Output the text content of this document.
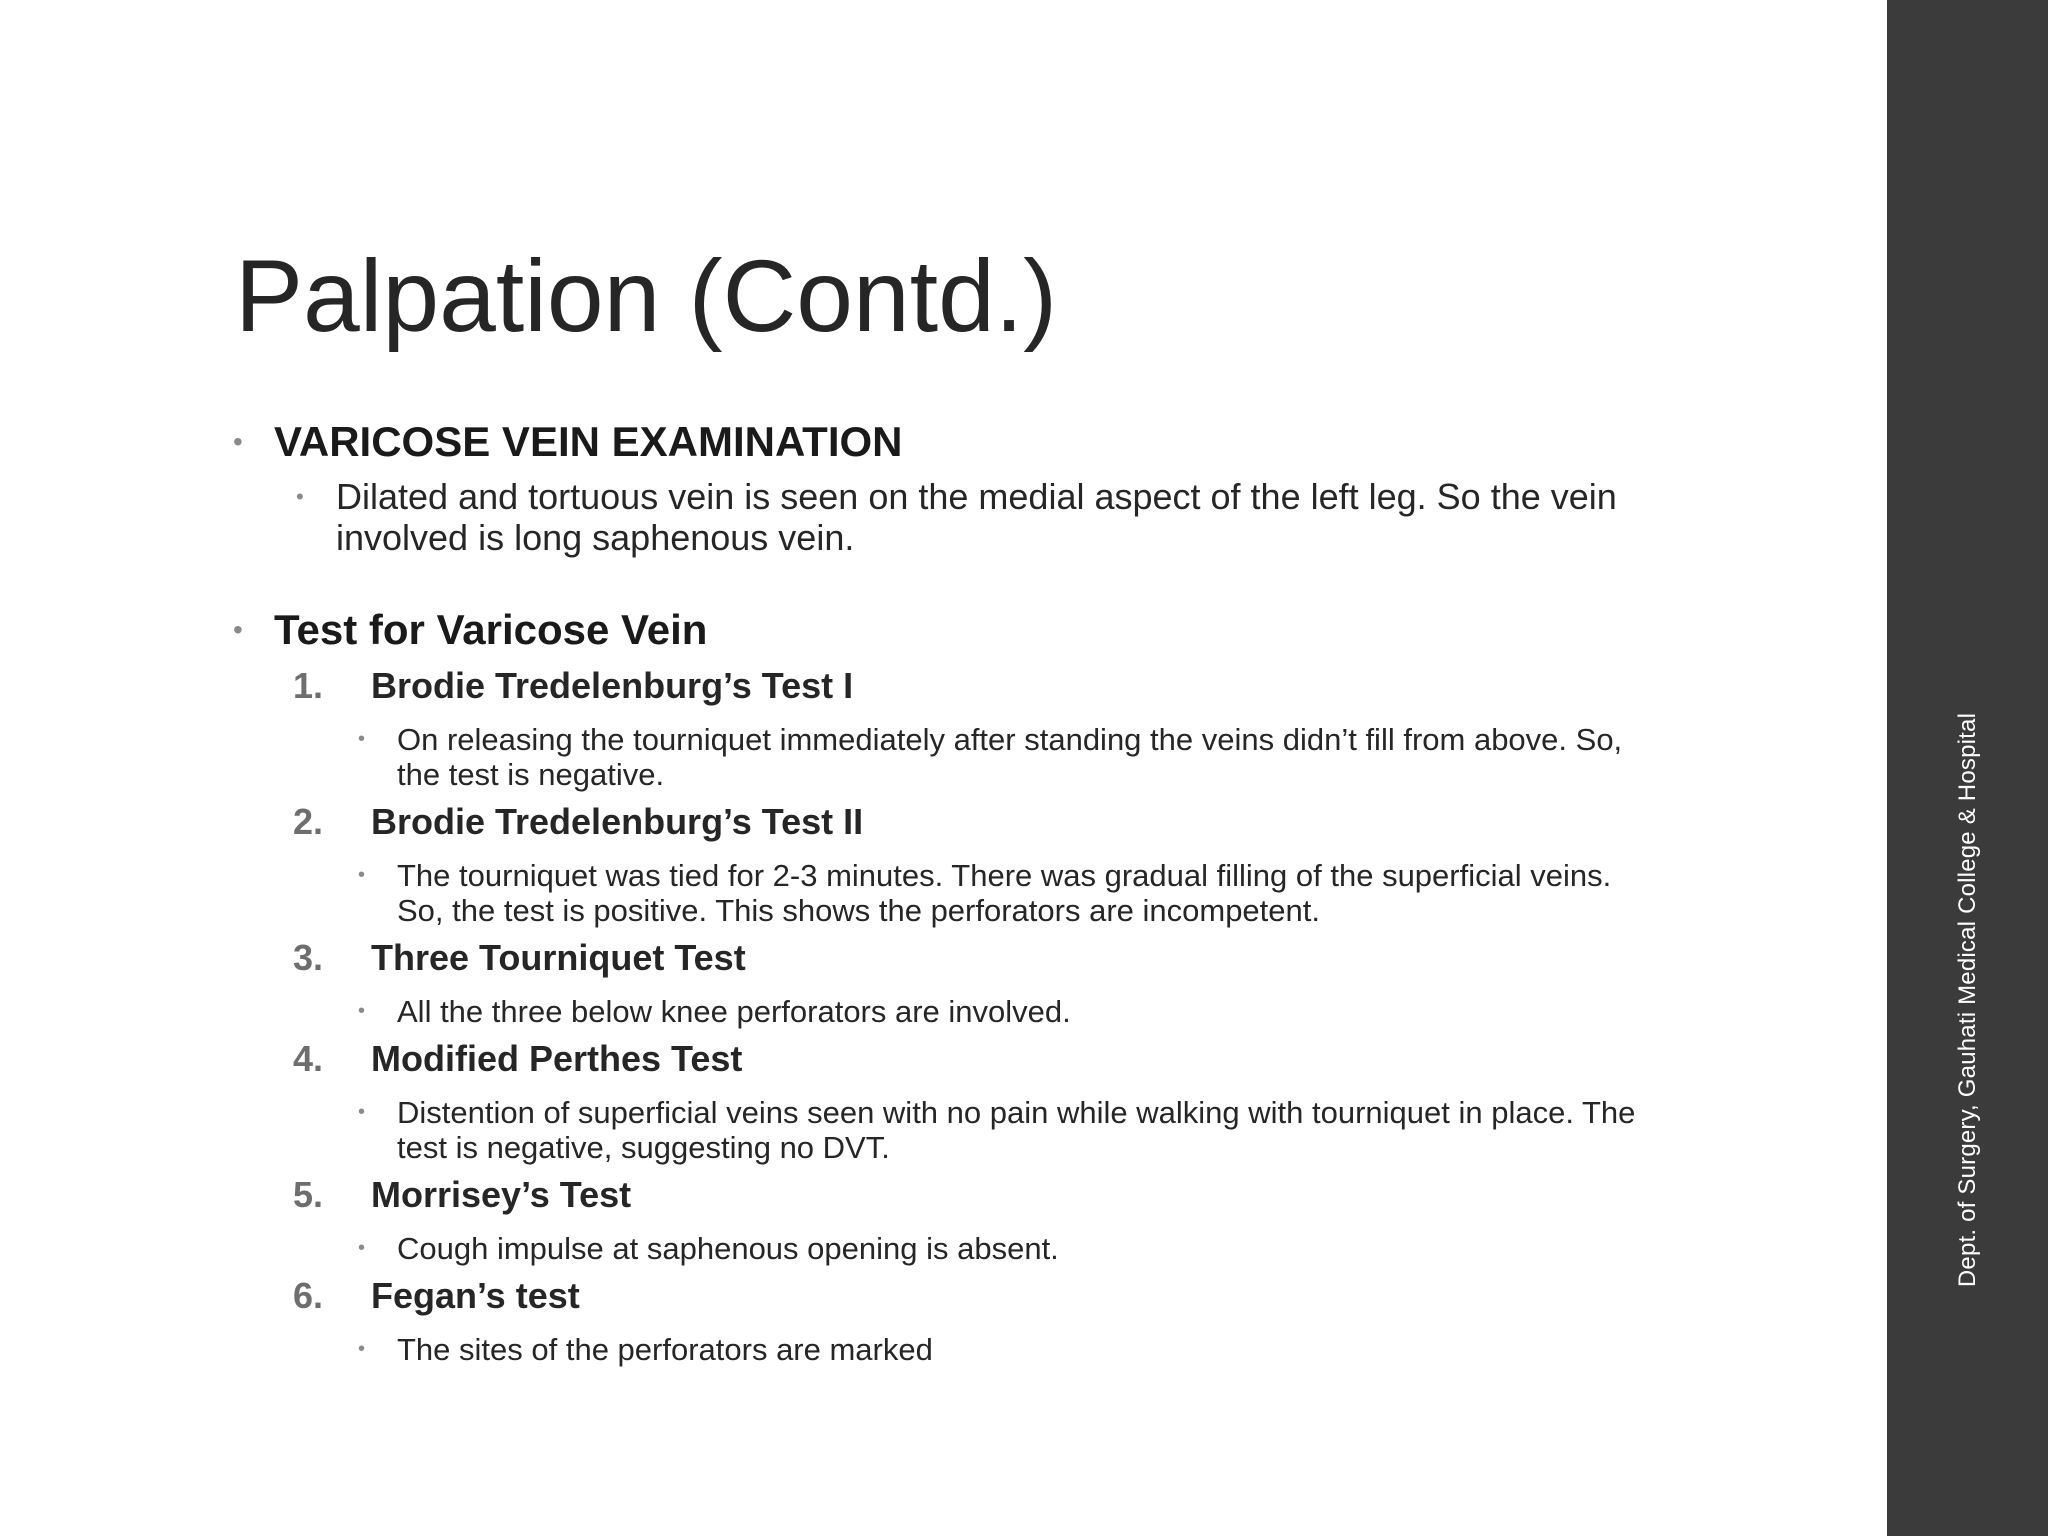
Palpation (Contd.)
• VARICOSE VEIN EXAMINATION
• Dilated and tortuous vein is seen on the medial aspect of the left leg. So the vein involved is long saphenous vein.
• Test for Varicose Vein
1. Brodie Tredelenburg’s Test I
• On releasing the tourniquet immediately after standing the veins didn’t fill from above. So, the test is negative.
2. Brodie Tredelenburg’s Test II
• The tourniquet was tied for 2-3 minutes. There was gradual filling of the superficial veins. So, the test is positive. This shows the perforators are incompetent.
3. Three Tourniquet Test
• All the three below knee perforators are involved.
4. Modified Perthes Test
• Distention of superficial veins seen with no pain while walking with tourniquet in place. The test is negative, suggesting no DVT.
5. Morrisey’s Test
• Cough impulse at saphenous opening is absent.
6. Fegan’s test
• The sites of the perforators are marked
Dept. of Surgery, Gauhati Medical College & Hospital
